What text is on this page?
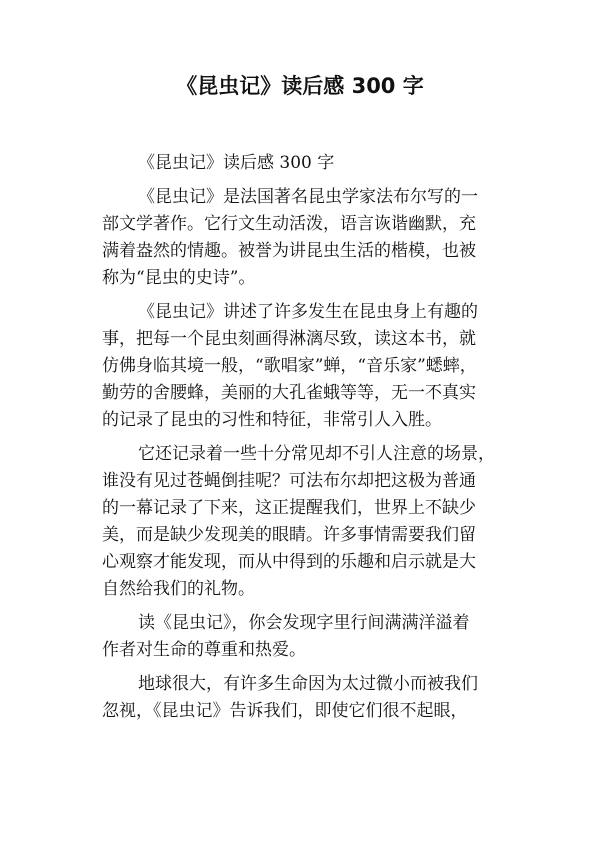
《昆虫记》读后感 300 字
《昆虫记》读后感 300 字
《昆虫记》是法国著名昆虫学家法布尔写的一
部文学著作。它行文生动活泼，语言诙谐幽默，充
满着盎然的情趣。被誉为讲昆虫生活的楷模，也被
称为“昆虫的史诗”。
《昆虫记》讲述了许多发生在昆虫身上有趣的
事，把每一个昆虫刻画得淋漓尽致，读这本书，就
仿佛身临其境一般，“歌唱家”蝉，“音乐家”蟋蟀，
勤劳的舍腰蜂，美丽的大孔雀蛾等等，无一不真实
的记录了昆虫的习性和特征，非常引人入胜。
它还记录着一些十分常见却不引人注意的场景，
谁没有见过苍蝇倒挂呢？可法布尔却把这极为普通
的一幕记录了下来，这正提醒我们，世界上不缺少
美，而是缺少发现美的眼睛。许多事情需要我们留
心观察才能发现，而从中得到的乐趣和启示就是大
自然给我们的礼物。
读《昆虫记》，你会发现字里行间满满洋溢着
作者对生命的尊重和热爱。
地球很大，有许多生命因为太过微小而被我们
忽视，《昆虫记》告诉我们，即使它们很不起眼，
